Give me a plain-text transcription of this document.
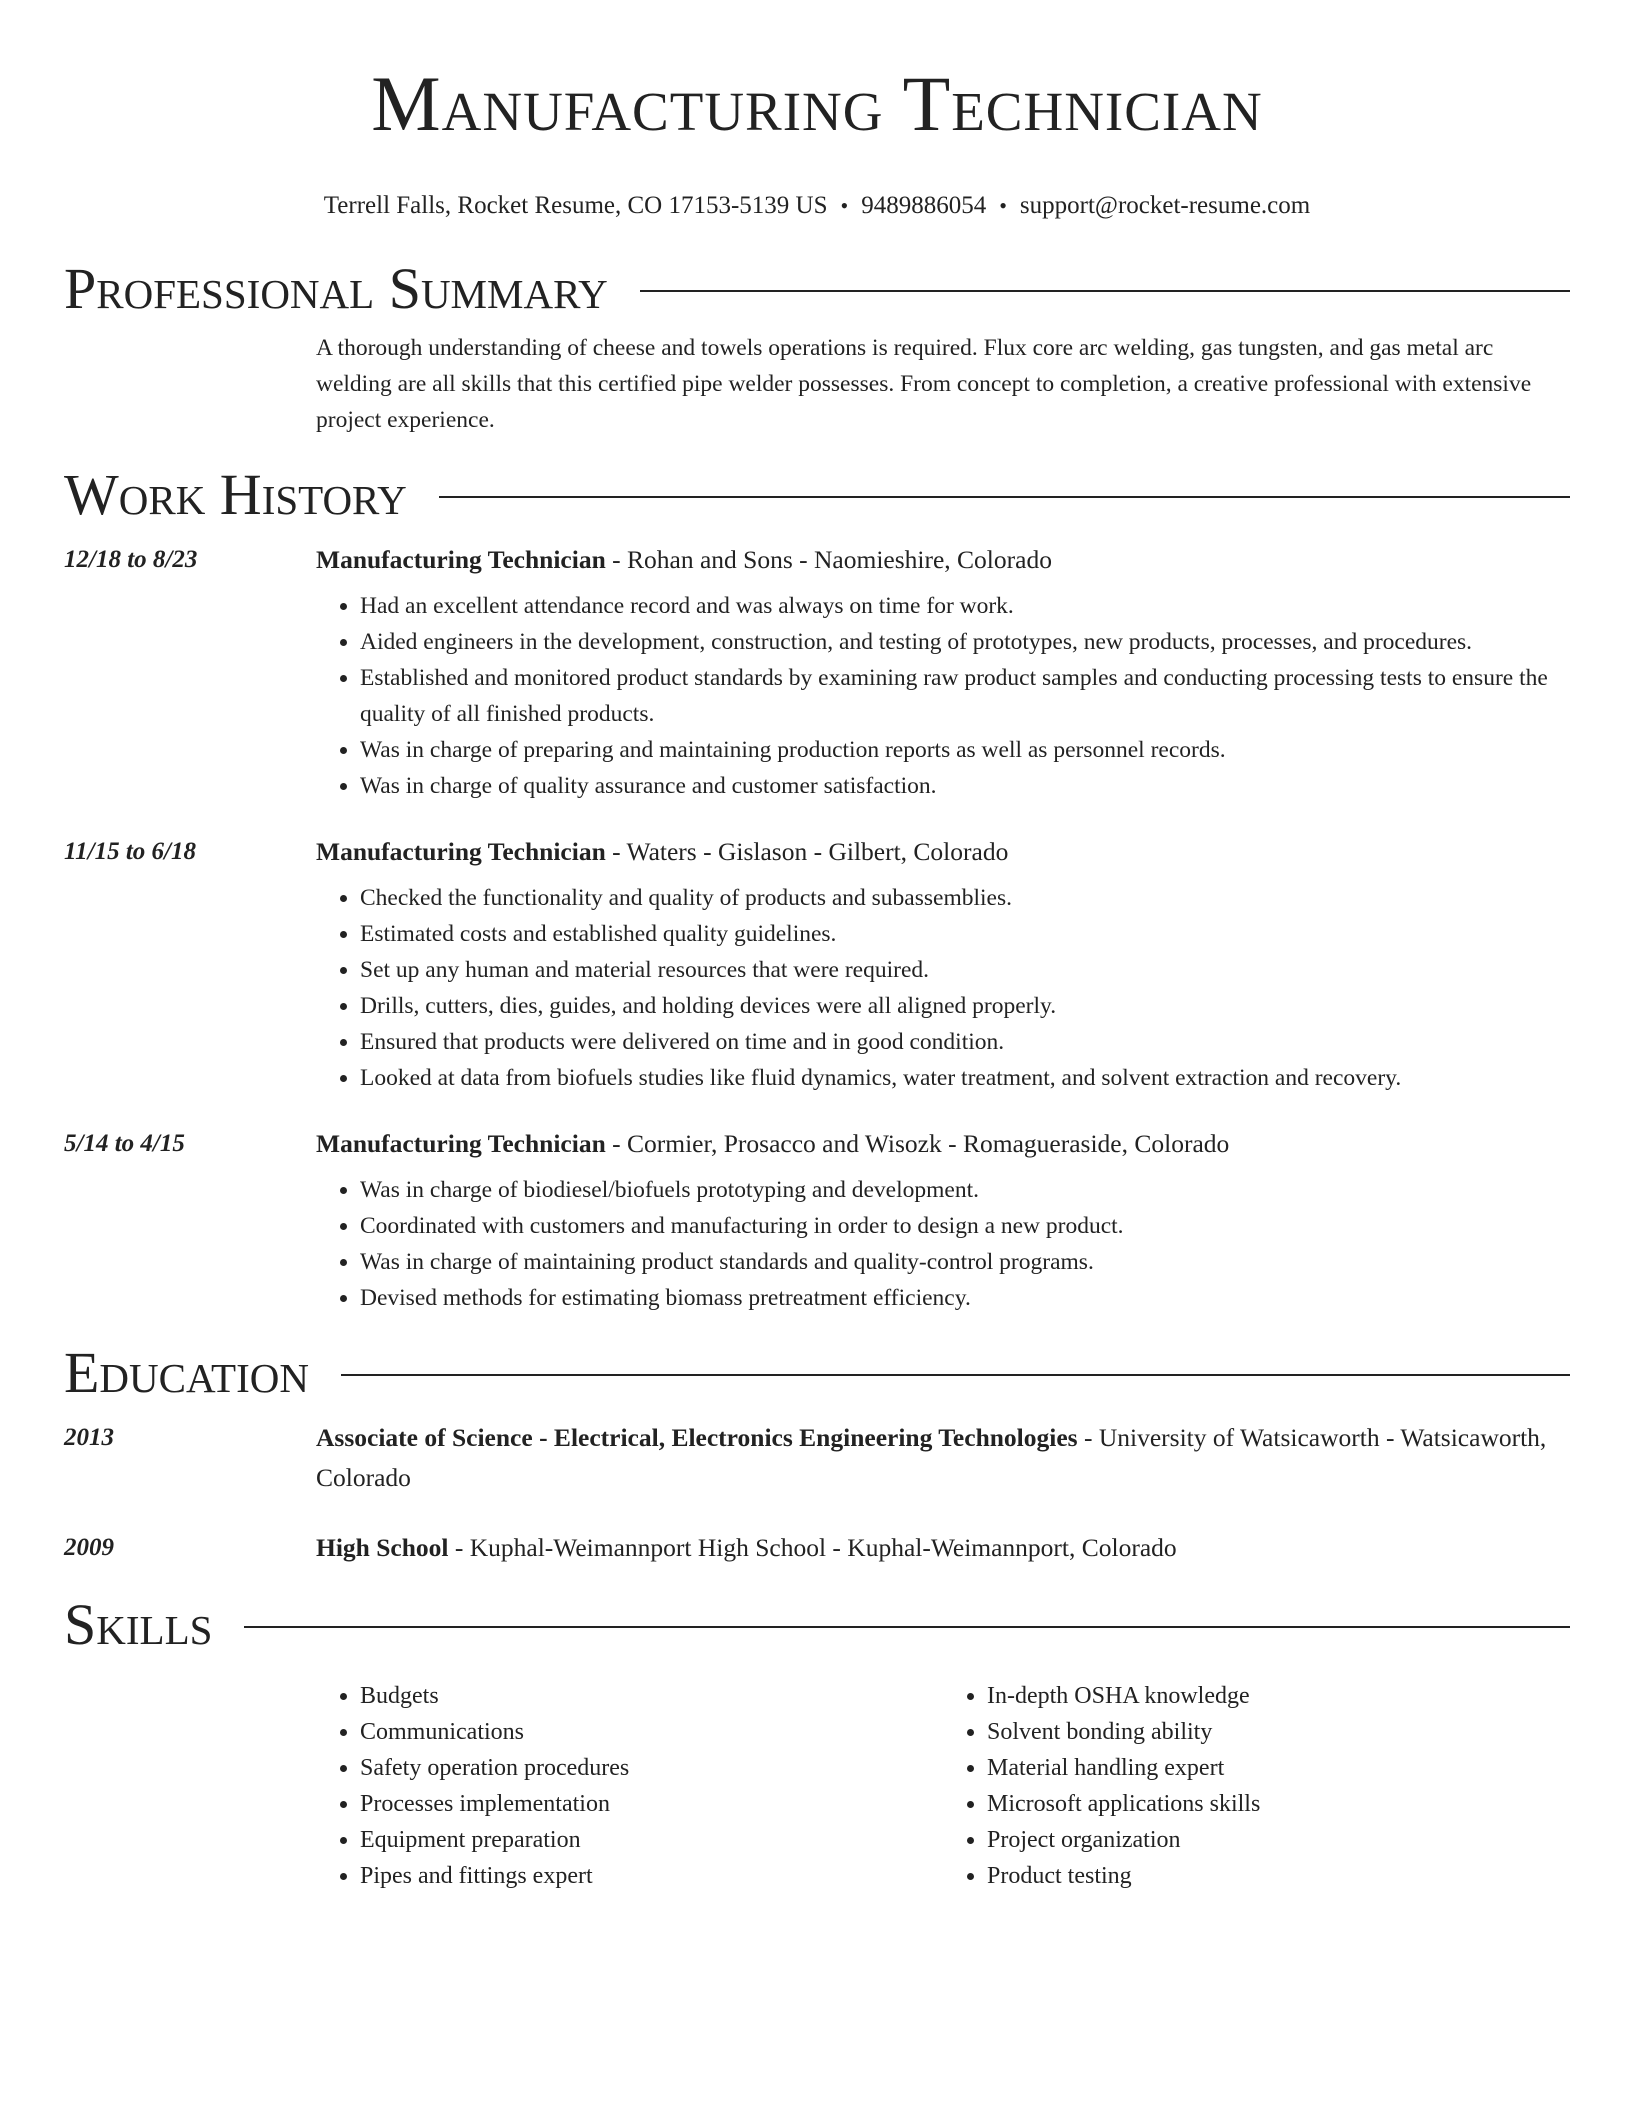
Manufacturing Technician
Terrell Falls, Rocket Resume, CO 17153-5139 US • 9489886054 • support@rocket-resume.com
Professional Summary
A thorough understanding of cheese and towels operations is required. Flux core arc welding, gas tungsten, and gas metal arc welding are all skills that this certified pipe welder possesses. From concept to completion, a creative professional with extensive project experience.
Work History
12/18 to 8/23	Manufacturing Technician - Rohan and Sons - Naomieshire, Colorado
• Had an excellent attendance record and was always on time for work.
• Aided engineers in the development, construction, and testing of prototypes, new products, processes, and procedures.
• Established and monitored product standards by examining raw product samples and conducting processing tests to ensure the quality of all finished products.
• Was in charge of preparing and maintaining production reports as well as personnel records.
• Was in charge of quality assurance and customer satisfaction.
11/15 to 6/18	Manufacturing Technician - Waters - Gislason - Gilbert, Colorado
• Checked the functionality and quality of products and subassemblies.
• Estimated costs and established quality guidelines.
• Set up any human and material resources that were required.
• Drills, cutters, dies, guides, and holding devices were all aligned properly.
• Ensured that products were delivered on time and in good condition.
• Looked at data from biofuels studies like fluid dynamics, water treatment, and solvent extraction and recovery.
5/14 to 4/15	Manufacturing Technician - Cormier, Prosacco and Wisozk - Romagueraside, Colorado
• Was in charge of biodiesel/biofuels prototyping and development.
• Coordinated with customers and manufacturing in order to design a new product.
• Was in charge of maintaining product standards and quality-control programs.
• Devised methods for estimating biomass pretreatment efficiency.
Education
2013	Associate of Science - Electrical, Electronics Engineering Technologies - University of Watsicaworth - Watsicaworth, Colorado
2009	High School - Kuphal-Weimannport High School - Kuphal-Weimannport, Colorado
Skills
• Budgets
• Communications
• Safety operation procedures
• Processes implementation
• Equipment preparation
• Pipes and fittings expert
• In-depth OSHA knowledge
• Solvent bonding ability
• Material handling expert
• Microsoft applications skills
• Project organization
• Product testing
